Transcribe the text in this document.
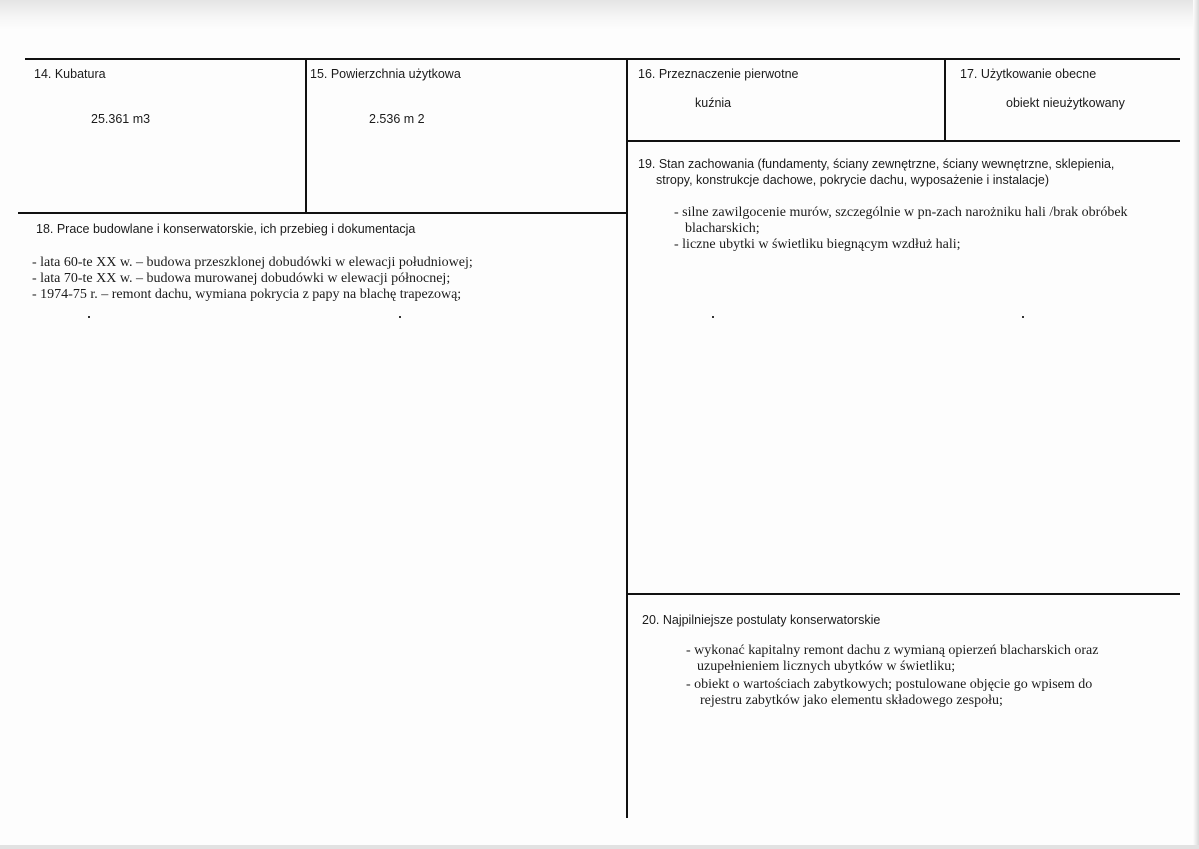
14. Kubatura
25.361 m3
15. Powierzchnia użytkowa
2.536 m 2
16. Przeznaczenie pierwotne
kuźnia
17. Użytkowanie obecne
obiekt nieużytkowany
18. Prace budowlane i konserwatorskie, ich przebieg i dokumentacja
- lata 60-te XX w. – budowa przeszklonej dobudówki w elewacji południowej;
- lata 70-te XX w. – budowa murowanej dobudówki w elewacji północnej;
- 1974-75 r. – remont dachu, wymiana pokrycia z papy na blachę trapezową;
19. Stan zachowania (fundamenty, ściany zewnętrzne, ściany wewnętrzne, sklepienia,
stropy, konstrukcje dachowe, pokrycie dachu, wyposażenie i instalacje)
- silne zawilgocenie murów, szczególnie w pn-zach narożniku hali /brak obróbek
blacharskich;
- liczne ubytki w świetliku biegnącym wzdłuż hali;
20. Najpilniejsze postulaty konserwatorskie
- wykonać kapitalny remont dachu z wymianą opierzeń blacharskich oraz
uzupełnieniem licznych ubytków w świetliku;
- obiekt o wartościach zabytkowych; postulowane objęcie go wpisem do
rejestru zabytków jako elementu składowego zespołu;
